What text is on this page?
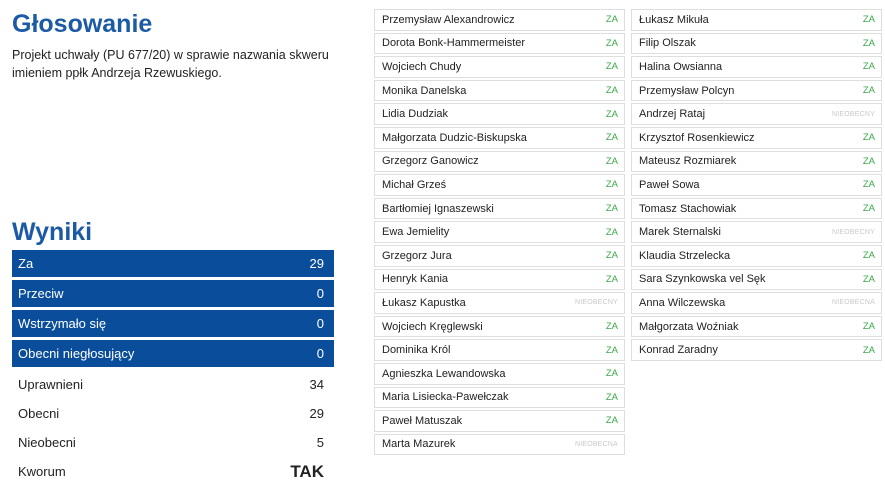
Głosowanie
Projekt uchwały (PU 677/20) w sprawie nazwania skweru imieniem ppłk Andrzeja Rzewuskiego.
Wyniki
Za	29
Przeciw	0
Wstrzymało się	0
Obecni niegłosujący	0
Uprawnieni	34
Obecni	29
Nieobecni	5
Kworum	TAK
Przemysław Alexandrowicz	ZA
Dorota Bonk-Hammermeister	ZA
Wojciech Chudy	ZA
Monika Danelska	ZA
Lidia Dudziak	ZA
Małgorzata Dudzic-Biskupska	ZA
Grzegorz Ganowicz	ZA
Michał Grześ	ZA
Bartłomiej Ignaszewski	ZA
Ewa Jemielity	ZA
Grzegorz Jura	ZA
Henryk Kania	ZA
Łukasz Kapustka	NIEOBECNY
Wojciech Kręglewski	ZA
Dominika Król	ZA
Agnieszka Lewandowska	ZA
Maria Lisiecka-Pawełczak	ZA
Paweł Matuszak	ZA
Marta Mazurek	NIEOBECNA
Łukasz Mikuła	ZA
Filip Olszak	ZA
Halina Owsianna	ZA
Przemysław Polcyn	ZA
Andrzej Rataj	NIEOBECNY
Krzysztof Rosenkiewicz	ZA
Mateusz Rozmiarek	ZA
Paweł Sowa	ZA
Tomasz Stachowiak	ZA
Marek Sternalski	NIEOBECNY
Klaudia Strzelecka	ZA
Sara Szynkowska vel Sęk	ZA
Anna Wilczewska	NIEOBECNA
Małgorzata Woźniak	ZA
Konrad Zaradny	ZA
